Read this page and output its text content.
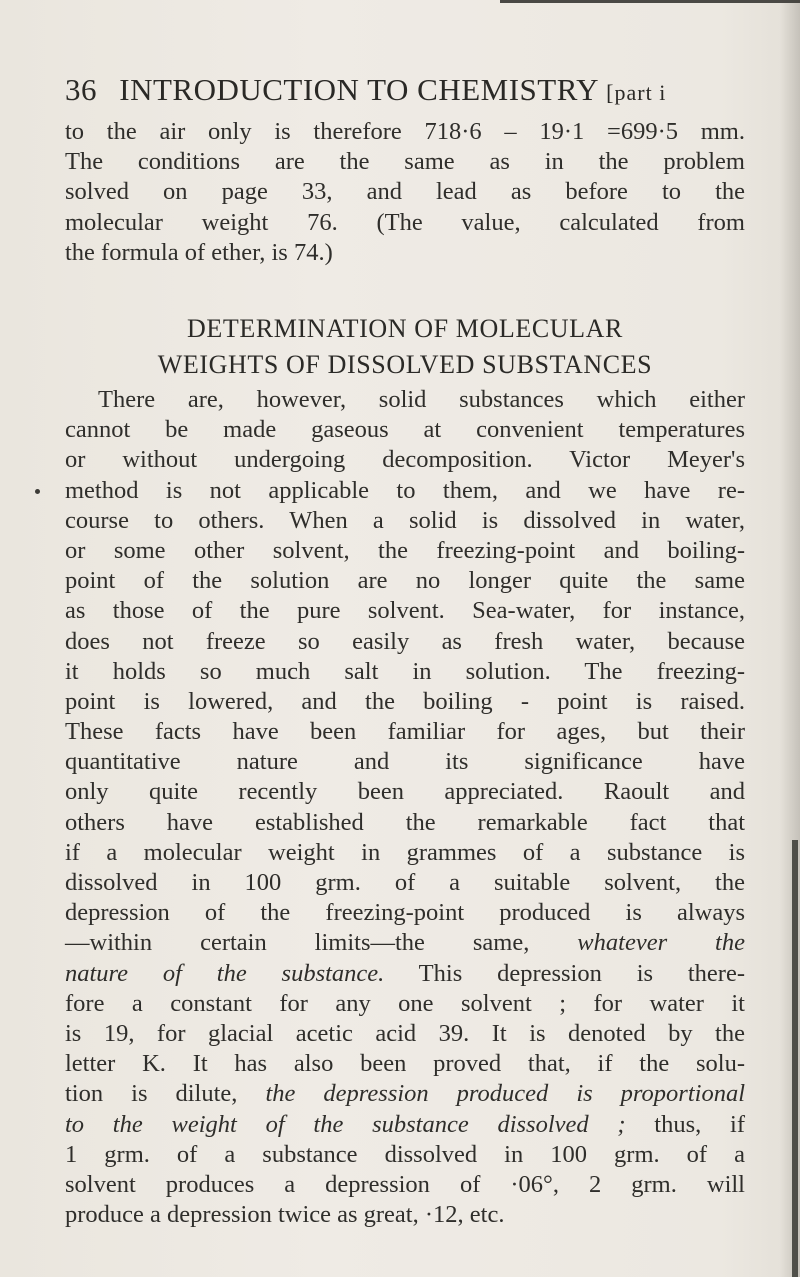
36 INTRODUCTION TO CHEMISTRY [part i
to the air only is therefore 718·6 – 19·1 =699·5 mm.
The conditions are the same as in the problem
solved on page 33, and lead as before to the
molecular weight 76. (The value, calculated from
the formula of ether, is 74.)
DETERMINATION OF MOLECULAR
WEIGHTS OF DISSOLVED SUBSTANCES
There are, however, solid substances which either
cannot be made gaseous at convenient temperatures
or without undergoing decomposition. Victor Meyer's
method is not applicable to them, and we have re-
course to others. When a solid is dissolved in water,
or some other solvent, the freezing-point and boiling-
point of the solution are no longer quite the same
as those of the pure solvent. Sea-water, for instance,
does not freeze so easily as fresh water, because
it holds so much salt in solution. The freezing-
point is lowered, and the boiling - point is raised.
These facts have been familiar for ages, but their
quantitative nature and its significance have
only quite recently been appreciated. Raoult and
others have established the remarkable fact that
if a molecular weight in grammes of a substance is
dissolved in 100 grm. of a suitable solvent, the
depression of the freezing-point produced is always
—within certain limits—the same, whatever the
nature of the substance. This depression is there-
fore a constant for any one solvent ; for water it
is 19, for glacial acetic acid 39. It is denoted by the
letter K. It has also been proved that, if the solu-
tion is dilute, the depression produced is proportional
to the weight of the substance dissolved ; thus, if
1 grm. of a substance dissolved in 100 grm. of a
solvent produces a depression of ·06°, 2 grm. will
produce a depression twice as great, ·12, etc.
